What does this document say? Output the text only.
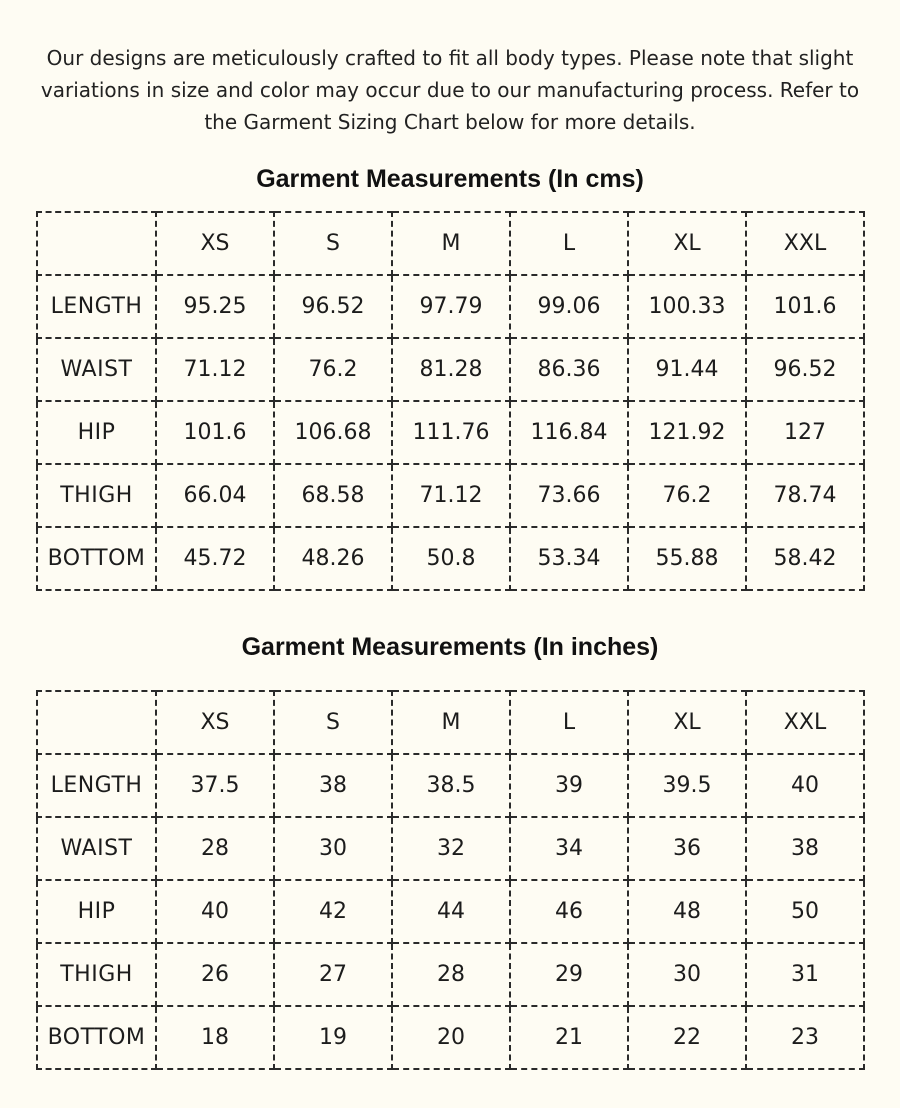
Our designs are meticulously crafted to fit all body types. Please note that slight variations in size and color may occur due to our manufacturing process. Refer to the Garment Sizing Chart below for more details.

Garment Measurements (In cms)
	XS	S	M	L	XL	XXL
LENGTH	95.25	96.52	97.79	99.06	100.33	101.6
WAIST	71.12	76.2	81.28	86.36	91.44	96.52
HIP	101.6	106.68	111.76	116.84	121.92	127
THIGH	66.04	68.58	71.12	73.66	76.2	78.74
BOTTOM	45.72	48.26	50.8	53.34	55.88	58.42
Garment Measurements (In inches)
	XS	S	M	L	XL	XXL
LENGTH	37.5	38	38.5	39	39.5	40
WAIST	28	30	32	34	36	38
HIP	40	42	44	46	48	50
THIGH	26	27	28	29	30	31
BOTTOM	18	19	20	21	22	23
